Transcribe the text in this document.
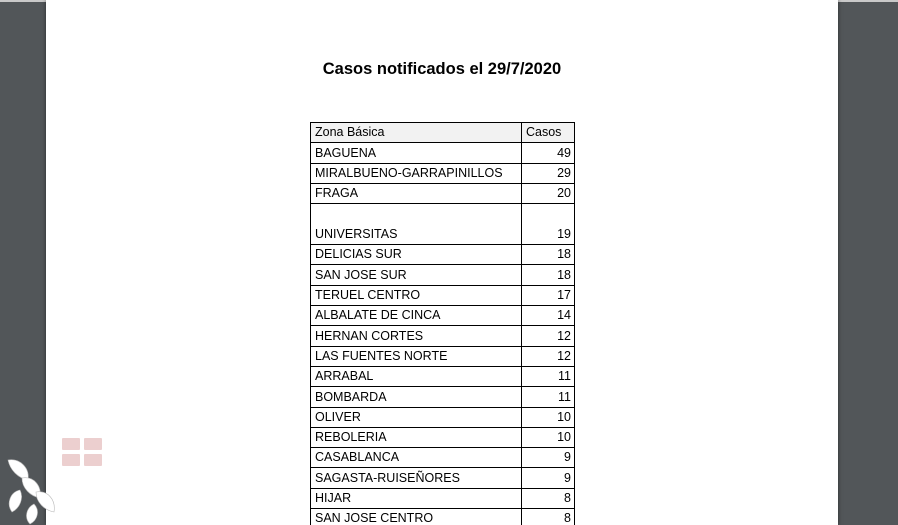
Casos notificados el 29/7/2020
Zona Básica	Casos
BAGUENA	49
MIRALBUENO-GARRAPINILLOS	29
FRAGA	20
UNIVERSITAS	19
DELICIAS SUR	18
SAN JOSE SUR	18
TERUEL CENTRO	17
ALBALATE DE CINCA	14
HERNAN CORTES	12
LAS FUENTES NORTE	12
ARRABAL	11
BOMBARDA	11
OLIVER	10
REBOLERIA	10
CASABLANCA	9
SAGASTA-RUISEÑORES	9
HIJAR	8
SAN JOSE CENTRO	8
